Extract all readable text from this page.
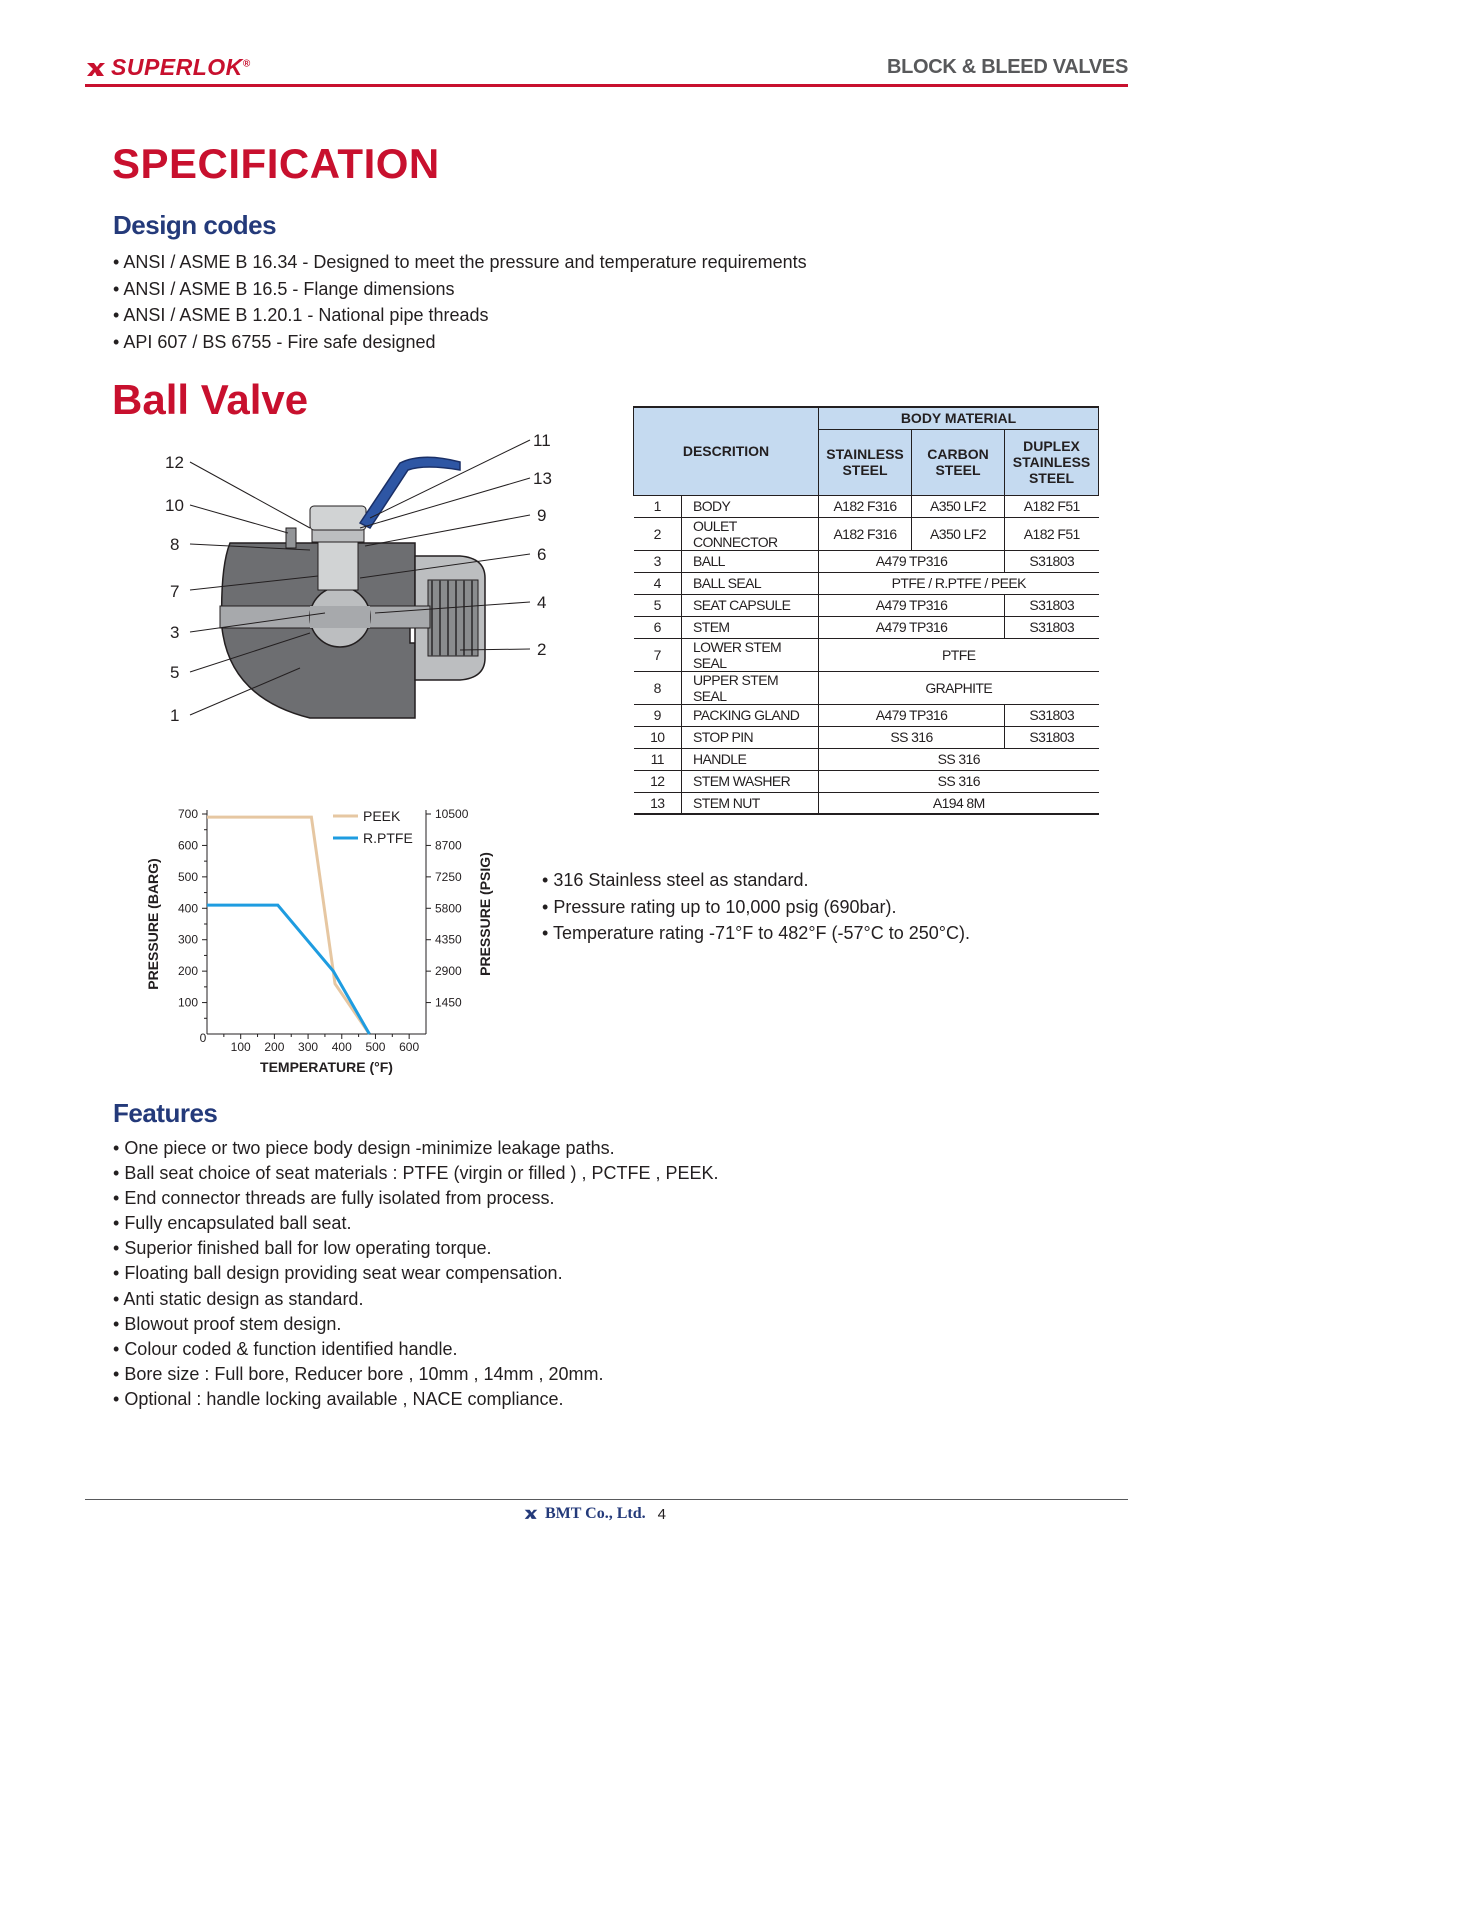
SUPERLOK®	BLOCK & BLEED VALVES
SPECIFICATION
Design codes
• ANSI / ASME B 16.34 - Designed to meet the pressure and temperature requirements
• ANSI / ASME B 16.5 - Flange dimensions
• ANSI / ASME B 1.20.1 - National pipe threads
• API 607 / BS 6755 - Fire safe designed
Ball Valve
12
10
8
7
3
5
1
11
13
9
6
4
2
DESCRITION		BODY MATERIAL		
		STAINLESS STEEL	CARBON STEEL	DUPLEX STAINLESS STEEL
1	BODY	A182 F316	A350 LF2	A182 F51
2	OULET CONNECTOR	A182 F316	A350 LF2	A182 F51
3	BALL	A479 TP316		S31803
4	BALL SEAL	PTFE / R.PTFE / PEEK		
5	SEAT CAPSULE	A479 TP316		S31803
6	STEM	A479 TP316		S31803
7	LOWER STEM SEAL	PTFE		
8	UPPER STEM SEAL	GRAPHITE		
9	PACKING GLAND	A479 TP316		S31803
10	STOP PIN	SS 316		S31803
11	HANDLE	SS 316		
12	STEM WASHER	SS 316		
13	STEM NUT	A194 8M		
100	1450
200	2900
300	4350
400	5800
500	7250
600	8700
700	10500
100 200 300 400 500 600
0
TEMPERATURE (°F)
PRESSURE (BARG)	PRESSURE (PSIG)
PEEK
R.PTFE
• 316 Stainless steel as standard.
• Pressure rating up to 10,000 psig (690bar).
• Temperature rating -71°F to 482°F (-57°C to 250°C).
Features
• One piece or two piece body design -minimize leakage paths.
• Ball seat choice of seat materials : PTFE (virgin or filled ) , PCTFE , PEEK.
• End connector threads are fully isolated from process.
• Fully encapsulated ball seat.
• Superior finished ball for low operating torque.
• Floating ball design providing seat wear compensation.
• Anti static design as standard.
• Blowout proof stem design.
• Colour coded & function identified handle.
• Bore size : Full bore, Reducer bore , 10mm , 14mm , 20mm.
• Optional : handle locking available , NACE compliance.
BMT Co., Ltd. 4
